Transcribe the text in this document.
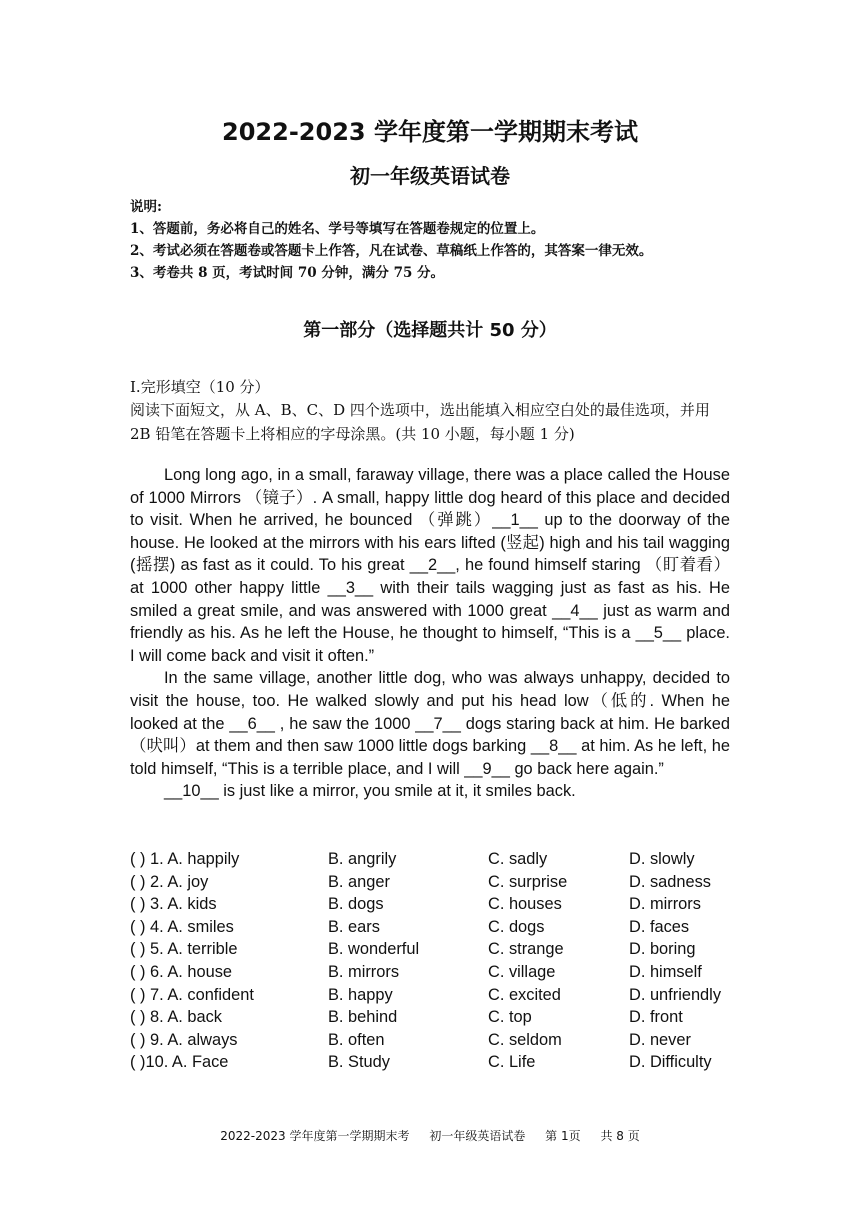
2022-2023 学年度第一学期期末考试
初一年级英语试卷
说明:
1、答题前，务必将自己的姓名、学号等填写在答题卷规定的位置上。
2、考试必须在答题卷或答题卡上作答，凡在试卷、草稿纸上作答的，其答案一律无效。
3、考卷共 8 页，考试时间 70 分钟，满分 75 分。
第一部分（选择题共计 50 分）
Ⅰ.完形填空（10 分）
阅读下面短文，从 A、B、C、D 四个选项中，选出能填入相应空白处的最佳选项，并用 2B 铅笔在答题卡上将相应的字母涂黑。(共 10 小题，每小题 1 分)

Long long ago, in a small, faraway village, there was a place called the House of 1000 Mirrors （镜子）. A small, happy little dog heard of this place and decided to visit. When he arrived, he bounced （弹跳）__1__ up to the doorway of the house. He looked at the mirrors with his ears lifted (竖起) high and his tail wagging (摇摆) as fast as it could. To his great __2__, he found himself staring （盯着看）at 1000 other happy little __3__ with their tails wagging just as fast as his. He smiled a great smile, and was answered with 1000 great __4__ just as warm and friendly as his. As he left the House, he thought to himself, “This is a __5__ place. I will come back and visit it often.”

In the same village, another little dog, who was always unhappy, decided to visit the house, too. He walked slowly and put his head low（低的. When he looked at the __6__ , he saw the 1000 __7__ dogs staring back at him. He barked （吠叫）at them and then saw 1000 little dogs barking __8__ at him. As he left, he told himself, “This is a terrible place, and I will __9__ go back here again.”

__10__ is just like a mirror, you smile at it, it smiles back.

( ) 1. A. happily	B. angrily	C. sadly	D. slowly
( ) 2. A. joy	B. anger	C. surprise	D. sadness
( ) 3. A. kids	B. dogs	C. houses	D. mirrors
( ) 4. A. smiles	B. ears	C. dogs	D. faces
( ) 5. A. terrible	B. wonderful	C. strange	D. boring
( ) 6. A. house	B. mirrors	C. village	D. himself
( ) 7. A. confident	B. happy	C. excited	D. unfriendly
( ) 8. A. back	B. behind	C. top	D. front
( ) 9. A. always	B. often	C. seldom	D. never
( )10. A. Face	B. Study	C. Life	D. Difficulty
2022-2023 学年度第一学期期末考 初一年级英语试卷 第 1页 共 8 页
